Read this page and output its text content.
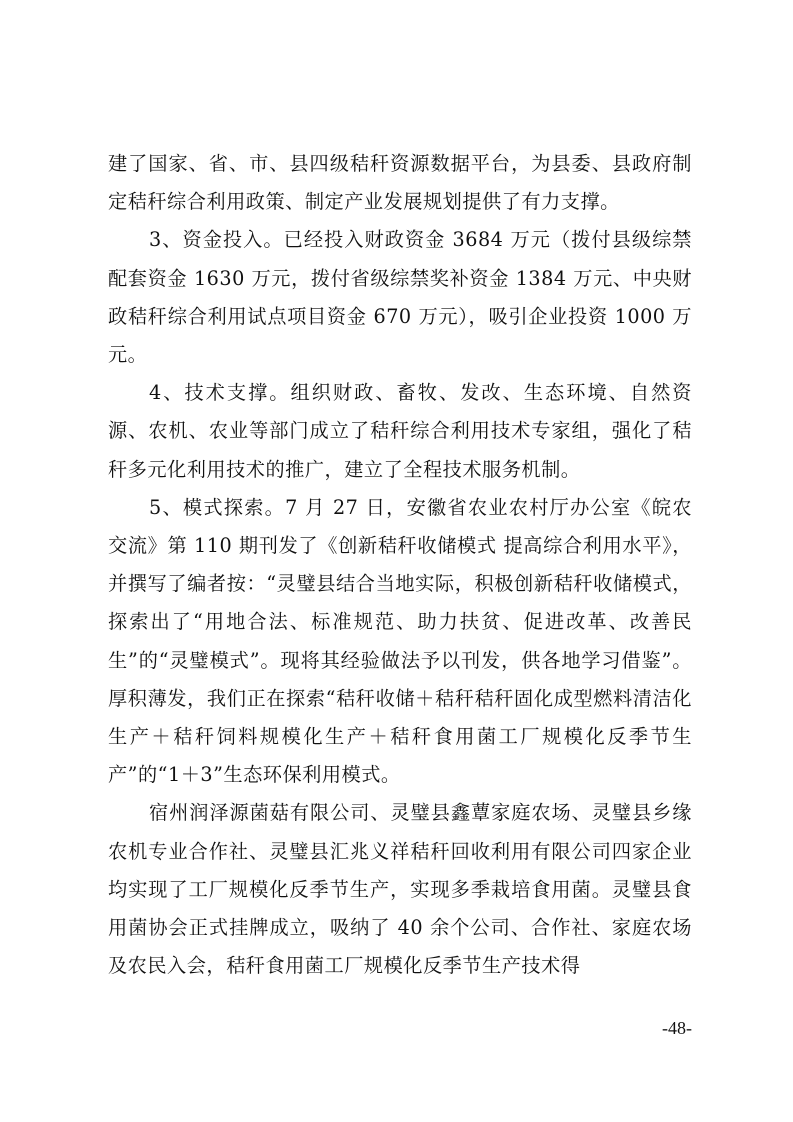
建了国家、省、市、县四级秸秆资源数据平台，为县委、县政府制定秸秆综合利用政策、制定产业发展规划提供了有力支撑。

3、资金投入。已经投入财政资金 3684 万元（拨付县级综禁配套资金 1630 万元，拨付省级综禁奖补资金 1384 万元、中央财政秸秆综合利用试点项目资金 670 万元），吸引企业投资 1000 万元。

4、技术支撑。组织财政、畜牧、发改、生态环境、自然资源、农机、农业等部门成立了秸秆综合利用技术专家组，强化了秸秆多元化利用技术的推广，建立了全程技术服务机制。

5、模式探索。7 月 27 日，安徽省农业农村厅办公室《皖农交流》第 110 期刊发了《创新秸秆收储模式 提高综合利用水平》，并撰写了编者按：“灵璧县结合当地实际，积极创新秸秆收储模式，探索出了“用地合法、标准规范、助力扶贫、促进改革、改善民生”的“灵璧模式”。现将其经验做法予以刊发，供各地学习借鉴”。厚积薄发，我们正在探索“秸秆收储＋秸秆秸秆固化成型燃料清洁化生产＋秸秆饲料规模化生产＋秸秆食用菌工厂规模化反季节生产”的“1＋3”生态环保利用模式。

宿州润泽源菌菇有限公司、灵璧县鑫蕈家庭农场、灵璧县乡缘农机专业合作社、灵璧县汇兆义祥秸秆回收利用有限公司四家企业均实现了工厂规模化反季节生产，实现多季栽培食用菌。灵璧县食用菌协会正式挂牌成立，吸纳了 40 余个公司、合作社、家庭农场及农民入会，秸秆食用菌工厂规模化反季节生产技术得

-48-
